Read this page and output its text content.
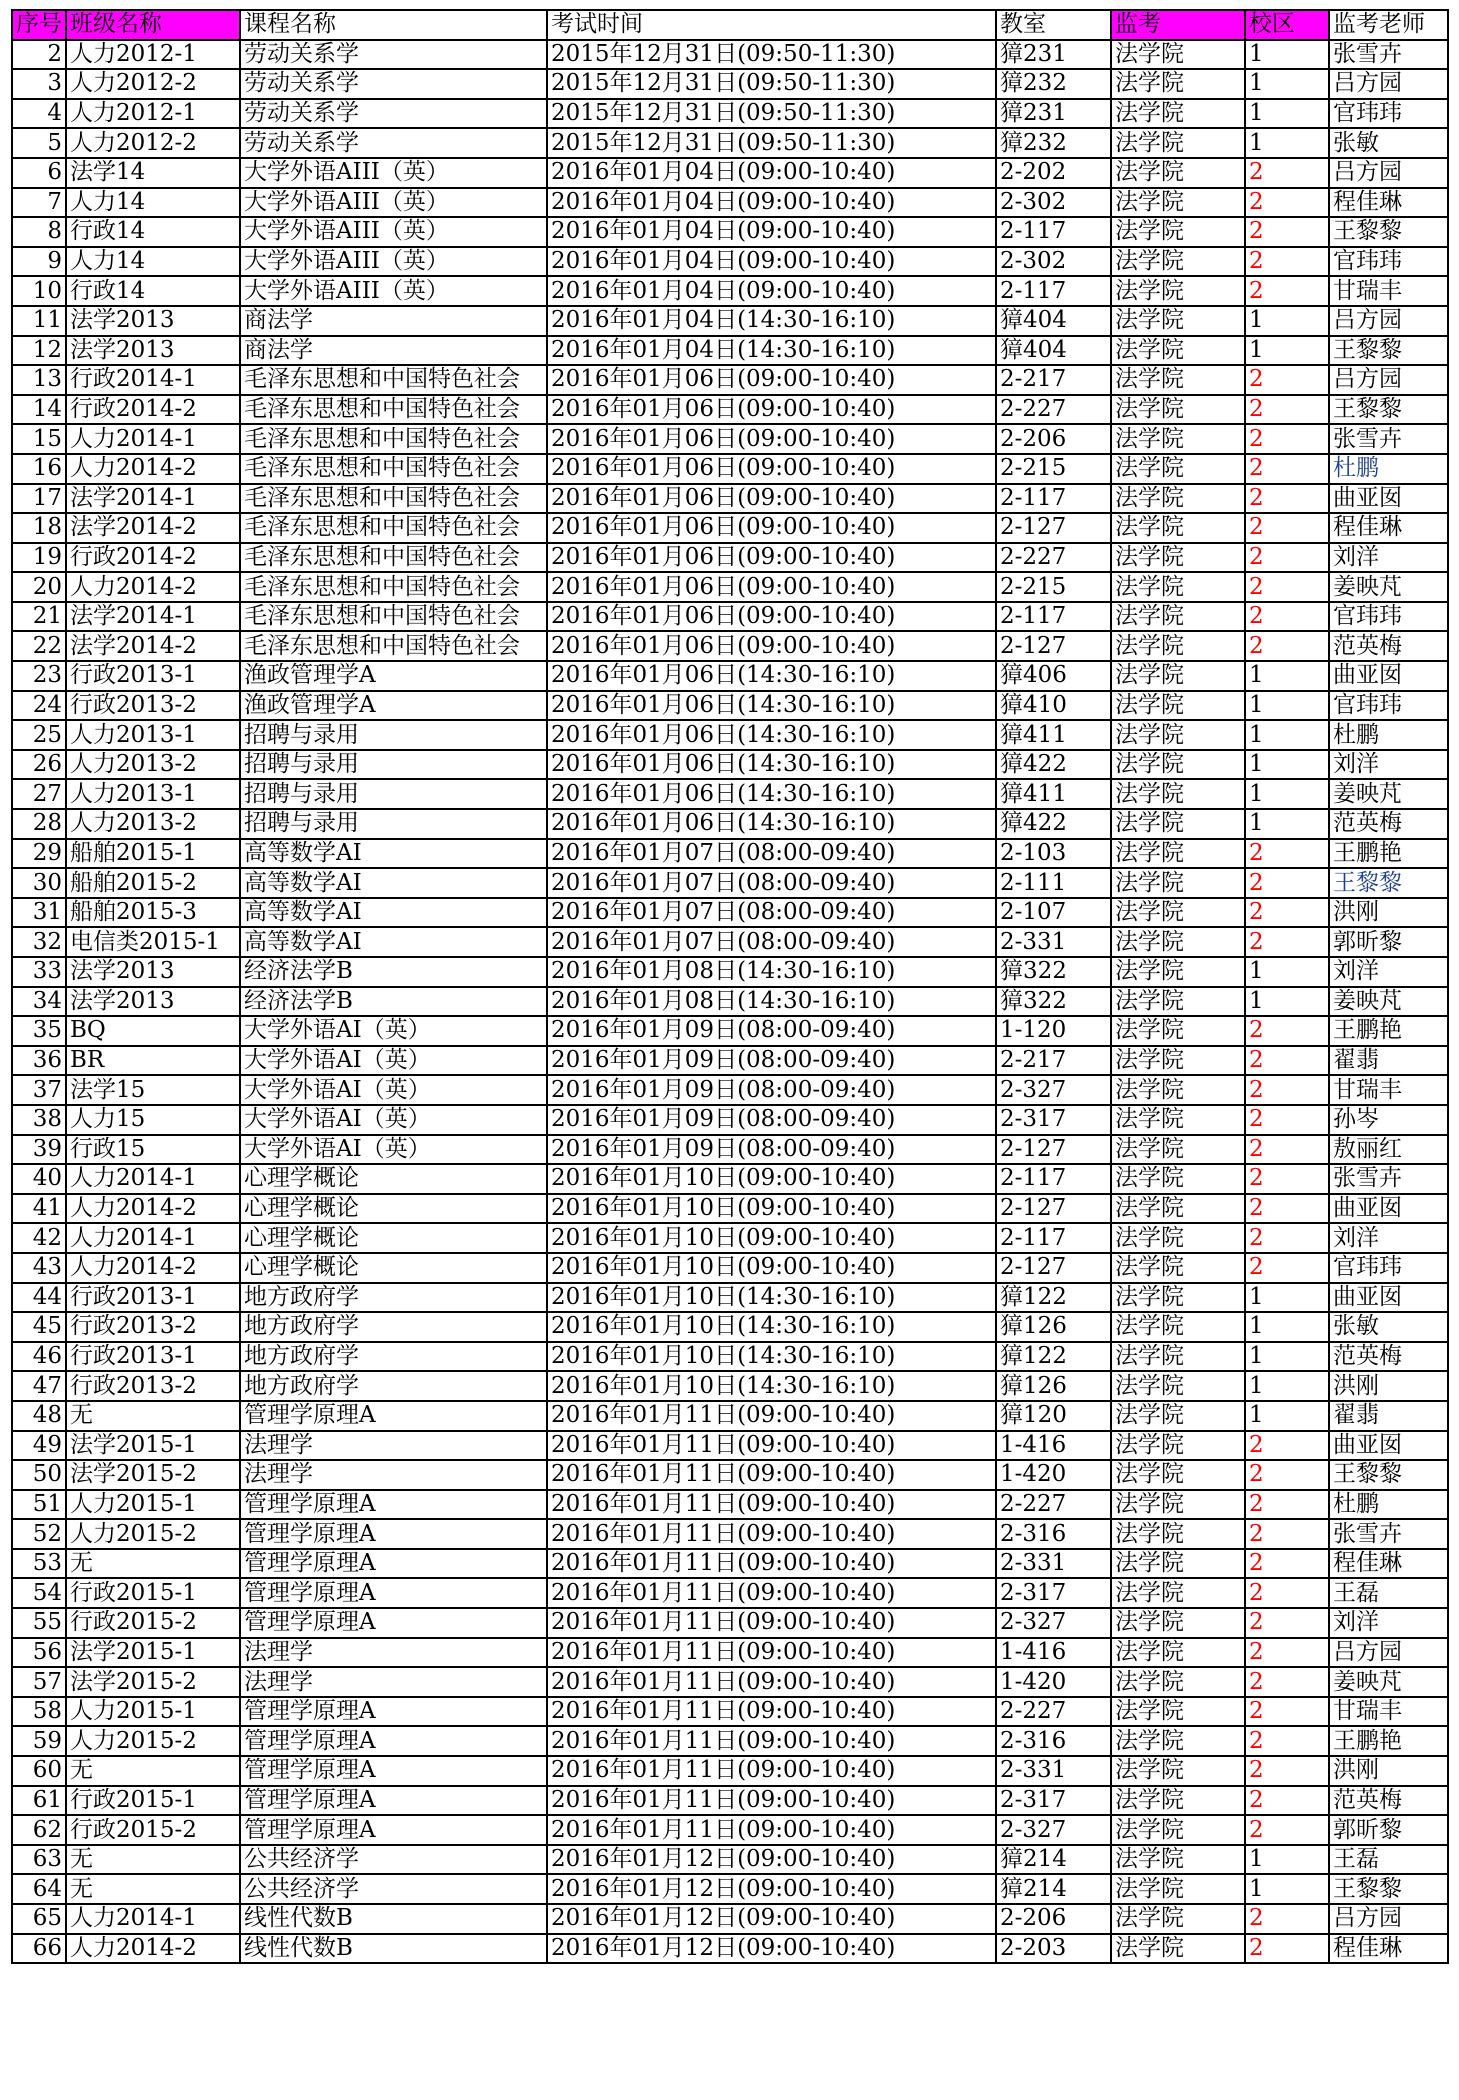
序号	班级名称	课程名称	考试时间	教室	监考	校区	监考老师
2	人力2012-1	劳动关系学	2015年12月31日(09:50-11:30)	獐231	法学院	1	张雪卉
3	人力2012-2	劳动关系学	2015年12月31日(09:50-11:30)	獐232	法学院	1	吕方园
4	人力2012-1	劳动关系学	2015年12月31日(09:50-11:30)	獐231	法学院	1	官玮玮
5	人力2012-2	劳动关系学	2015年12月31日(09:50-11:30)	獐232	法学院	1	张敏
6	法学14	大学外语AIII（英）	2016年01月04日(09:00-10:40)	2-202	法学院	2	吕方园
7	人力14	大学外语AIII（英）	2016年01月04日(09:00-10:40)	2-302	法学院	2	程佳琳
8	行政14	大学外语AIII（英）	2016年01月04日(09:00-10:40)	2-117	法学院	2	王黎黎
9	人力14	大学外语AIII（英）	2016年01月04日(09:00-10:40)	2-302	法学院	2	官玮玮
10	行政14	大学外语AIII（英）	2016年01月04日(09:00-10:40)	2-117	法学院	2	甘瑞丰
11	法学2013	商法学	2016年01月04日(14:30-16:10)	獐404	法学院	1	吕方园
12	法学2013	商法学	2016年01月04日(14:30-16:10)	獐404	法学院	1	王黎黎
13	行政2014-1	毛泽东思想和中国特色社会	2016年01月06日(09:00-10:40)	2-217	法学院	2	吕方园
14	行政2014-2	毛泽东思想和中国特色社会	2016年01月06日(09:00-10:40)	2-227	法学院	2	王黎黎
15	人力2014-1	毛泽东思想和中国特色社会	2016年01月06日(09:00-10:40)	2-206	法学院	2	张雪卉
16	人力2014-2	毛泽东思想和中国特色社会	2016年01月06日(09:00-10:40)	2-215	法学院	2	杜鹏
17	法学2014-1	毛泽东思想和中国特色社会	2016年01月06日(09:00-10:40)	2-117	法学院	2	曲亚囡
18	法学2014-2	毛泽东思想和中国特色社会	2016年01月06日(09:00-10:40)	2-127	法学院	2	程佳琳
19	行政2014-2	毛泽东思想和中国特色社会	2016年01月06日(09:00-10:40)	2-227	法学院	2	刘洋
20	人力2014-2	毛泽东思想和中国特色社会	2016年01月06日(09:00-10:40)	2-215	法学院	2	姜映芃
21	法学2014-1	毛泽东思想和中国特色社会	2016年01月06日(09:00-10:40)	2-117	法学院	2	官玮玮
22	法学2014-2	毛泽东思想和中国特色社会	2016年01月06日(09:00-10:40)	2-127	法学院	2	范英梅
23	行政2013-1	渔政管理学A	2016年01月06日(14:30-16:10)	獐406	法学院	1	曲亚囡
24	行政2013-2	渔政管理学A	2016年01月06日(14:30-16:10)	獐410	法学院	1	官玮玮
25	人力2013-1	招聘与录用	2016年01月06日(14:30-16:10)	獐411	法学院	1	杜鹏
26	人力2013-2	招聘与录用	2016年01月06日(14:30-16:10)	獐422	法学院	1	刘洋
27	人力2013-1	招聘与录用	2016年01月06日(14:30-16:10)	獐411	法学院	1	姜映芃
28	人力2013-2	招聘与录用	2016年01月06日(14:30-16:10)	獐422	法学院	1	范英梅
29	船舶2015-1	高等数学AⅠ	2016年01月07日(08:00-09:40)	2-103	法学院	2	王鹏艳
30	船舶2015-2	高等数学AⅠ	2016年01月07日(08:00-09:40)	2-111	法学院	2	王黎黎
31	船舶2015-3	高等数学AⅠ	2016年01月07日(08:00-09:40)	2-107	法学院	2	洪刚
32	电信类2015-1	高等数学AⅠ	2016年01月07日(08:00-09:40)	2-331	法学院	2	郭昕黎
33	法学2013	经济法学B	2016年01月08日(14:30-16:10)	獐322	法学院	1	刘洋
34	法学2013	经济法学B	2016年01月08日(14:30-16:10)	獐322	法学院	1	姜映芃
35	BQ	大学外语AⅠ（英）	2016年01月09日(08:00-09:40)	1-120	法学院	2	王鹏艳
36	BR	大学外语AⅠ（英）	2016年01月09日(08:00-09:40)	2-217	法学院	2	翟翡
37	法学15	大学外语AⅠ（英）	2016年01月09日(08:00-09:40)	2-327	法学院	2	甘瑞丰
38	人力15	大学外语AⅠ（英）	2016年01月09日(08:00-09:40)	2-317	法学院	2	孙岑
39	行政15	大学外语AⅠ（英）	2016年01月09日(08:00-09:40)	2-127	法学院	2	敖丽红
40	人力2014-1	心理学概论	2016年01月10日(09:00-10:40)	2-117	法学院	2	张雪卉
41	人力2014-2	心理学概论	2016年01月10日(09:00-10:40)	2-127	法学院	2	曲亚囡
42	人力2014-1	心理学概论	2016年01月10日(09:00-10:40)	2-117	法学院	2	刘洋
43	人力2014-2	心理学概论	2016年01月10日(09:00-10:40)	2-127	法学院	2	官玮玮
44	行政2013-1	地方政府学	2016年01月10日(14:30-16:10)	獐122	法学院	1	曲亚囡
45	行政2013-2	地方政府学	2016年01月10日(14:30-16:10)	獐126	法学院	1	张敏
46	行政2013-1	地方政府学	2016年01月10日(14:30-16:10)	獐122	法学院	1	范英梅
47	行政2013-2	地方政府学	2016年01月10日(14:30-16:10)	獐126	法学院	1	洪刚
48	无	管理学原理A	2016年01月11日(09:00-10:40)	獐120	法学院	1	翟翡
49	法学2015-1	法理学	2016年01月11日(09:00-10:40)	1-416	法学院	2	曲亚囡
50	法学2015-2	法理学	2016年01月11日(09:00-10:40)	1-420	法学院	2	王黎黎
51	人力2015-1	管理学原理A	2016年01月11日(09:00-10:40)	2-227	法学院	2	杜鹏
52	人力2015-2	管理学原理A	2016年01月11日(09:00-10:40)	2-316	法学院	2	张雪卉
53	无	管理学原理A	2016年01月11日(09:00-10:40)	2-331	法学院	2	程佳琳
54	行政2015-1	管理学原理A	2016年01月11日(09:00-10:40)	2-317	法学院	2	王磊
55	行政2015-2	管理学原理A	2016年01月11日(09:00-10:40)	2-327	法学院	2	刘洋
56	法学2015-1	法理学	2016年01月11日(09:00-10:40)	1-416	法学院	2	吕方园
57	法学2015-2	法理学	2016年01月11日(09:00-10:40)	1-420	法学院	2	姜映芃
58	人力2015-1	管理学原理A	2016年01月11日(09:00-10:40)	2-227	法学院	2	甘瑞丰
59	人力2015-2	管理学原理A	2016年01月11日(09:00-10:40)	2-316	法学院	2	王鹏艳
60	无	管理学原理A	2016年01月11日(09:00-10:40)	2-331	法学院	2	洪刚
61	行政2015-1	管理学原理A	2016年01月11日(09:00-10:40)	2-317	法学院	2	范英梅
62	行政2015-2	管理学原理A	2016年01月11日(09:00-10:40)	2-327	法学院	2	郭昕黎
63	无	公共经济学	2016年01月12日(09:00-10:40)	獐214	法学院	1	王磊
64	无	公共经济学	2016年01月12日(09:00-10:40)	獐214	法学院	1	王黎黎
65	人力2014-1	线性代数B	2016年01月12日(09:00-10:40)	2-206	法学院	2	吕方园
66	人力2014-2	线性代数B	2016年01月12日(09:00-10:40)	2-203	法学院	2	程佳琳
